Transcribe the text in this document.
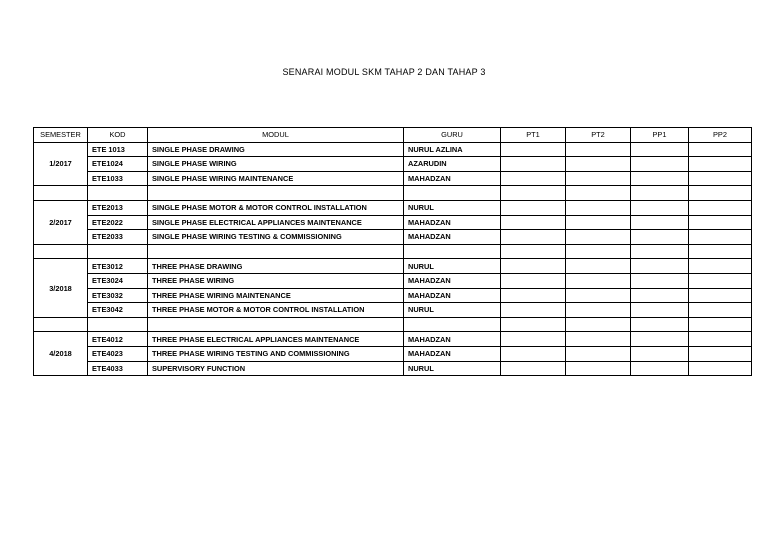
SENARAI MODUL SKM TAHAP 2 DAN TAHAP 3
SEMESTER	KOD	MODUL	GURU	PT1	PT2	PP1	PP2
1/2017	ETE 1013	SINGLE PHASE DRAWING	NURUL AZLINA				
	ETE1024	SINGLE PHASE WIRING	AZARUDIN				
	ETE1033	SINGLE PHASE WIRING MAINTENANCE	MAHADZAN				

2/2017	ETE2013	SINGLE PHASE MOTOR & MOTOR CONTROL INSTALLATION	NURUL				
	ETE2022	SINGLE PHASE ELECTRICAL APPLIANCES MAINTENANCE	MAHADZAN				
	ETE2033	SINGLE PHASE WIRING TESTING & COMMISSIONING	MAHADZAN				

3/2018	ETE3012	THREE PHASE DRAWING	NURUL				
	ETE3024	THREE PHASE WIRING	MAHADZAN				
	ETE3032	THREE PHASE WIRING MAINTENANCE	MAHADZAN				
	ETE3042	THREE PHASE MOTOR & MOTOR CONTROL INSTALLATION	NURUL				

4/2018	ETE4012	THREE PHASE ELECTRICAL APPLIANCES MAINTENANCE	MAHADZAN				
	ETE4023	THREE PHASE WIRING TESTING AND COMMISSIONING	MAHADZAN				
	ETE4033	SUPERVISORY FUNCTION	NURUL				
